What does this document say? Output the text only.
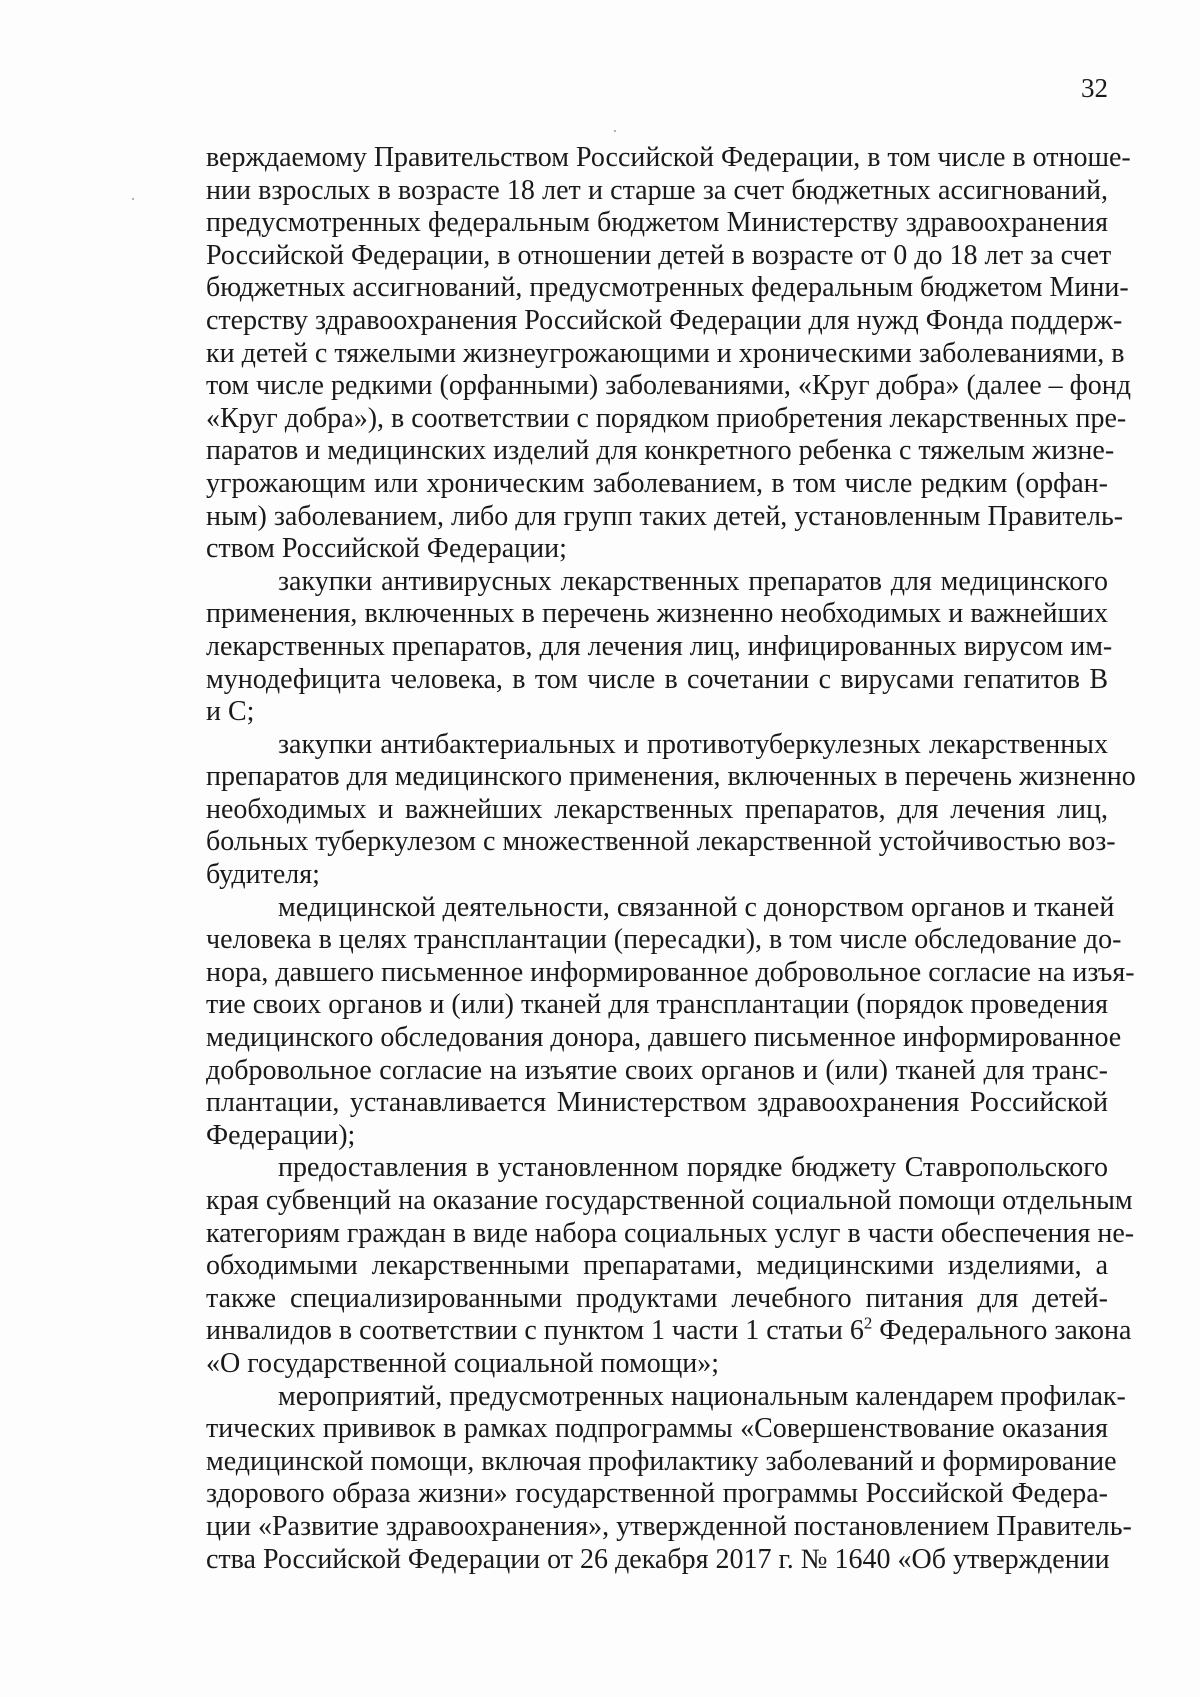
32
верждаемому Правительством Российской Федерации, в том числе в отноше-
нии взрослых в возрасте 18 лет и старше за счет бюджетных ассигнований,
предусмотренных федеральным бюджетом Министерству здравоохранения
Российской Федерации, в отношении детей в возрасте от 0 до 18 лет за счет
бюджетных ассигнований, предусмотренных федеральным бюджетом Мини-
стерству здравоохранения Российской Федерации для нужд Фонда поддерж-
ки детей с тяжелыми жизнеугрожающими и хроническими заболеваниями, в
том числе редкими (орфанными) заболеваниями, «Круг добра» (далее – фонд
«Круг добра»), в соответствии с порядком приобретения лекарственных пре-
паратов и медицинских изделий для конкретного ребенка с тяжелым жизне-
угрожающим или хроническим заболеванием, в том числе редким (орфан-
ным) заболеванием, либо для групп таких детей, установленным Правитель-
ством Российской Федерации;
закупки антивирусных лекарственных препаратов для медицинского
применения, включенных в перечень жизненно необходимых и важнейших
лекарственных препаратов, для лечения лиц, инфицированных вирусом им-
мунодефицита человека, в том числе в сочетании с вирусами гепатитов В
и С;
закупки антибактериальных и противотуберкулезных лекарственных
препаратов для медицинского применения, включенных в перечень жизненно
необходимых и важнейших лекарственных препаратов, для лечения лиц,
больных туберкулезом с множественной лекарственной устойчивостью воз-
будителя;
медицинской деятельности, связанной с донорством органов и тканей
человека в целях трансплантации (пересадки), в том числе обследование до-
нора, давшего письменное информированное добровольное согласие на изъя-
тие своих органов и (или) тканей для трансплантации (порядок проведения
медицинского обследования донора, давшего письменное информированное
добровольное согласие на изъятие своих органов и (или) тканей для транс-
плантации, устанавливается Министерством здравоохранения Российской
Федерации);
предоставления в установленном порядке бюджету Ставропольского
края субвенций на оказание государственной социальной помощи отдельным
категориям граждан в виде набора социальных услуг в части обеспечения не-
обходимыми лекарственными препаратами, медицинскими изделиями, а
также специализированными продуктами лечебного питания для детей-
инвалидов в соответствии с пунктом 1 части 1 статьи $6^2$ Федерального закона
«О государственной социальной помощи»;
мероприятий, предусмотренных национальным календарем профилак-
тических прививок в рамках подпрограммы «Совершенствование оказания
медицинской помощи, включая профилактику заболеваний и формирование
здорового образа жизни» государственной программы Российской Федера-
ции «Развитие здравоохранения», утвержденной постановлением Правитель-
ства Российской Федерации от 26 декабря 2017 г. № 1640 «Об утверждении
